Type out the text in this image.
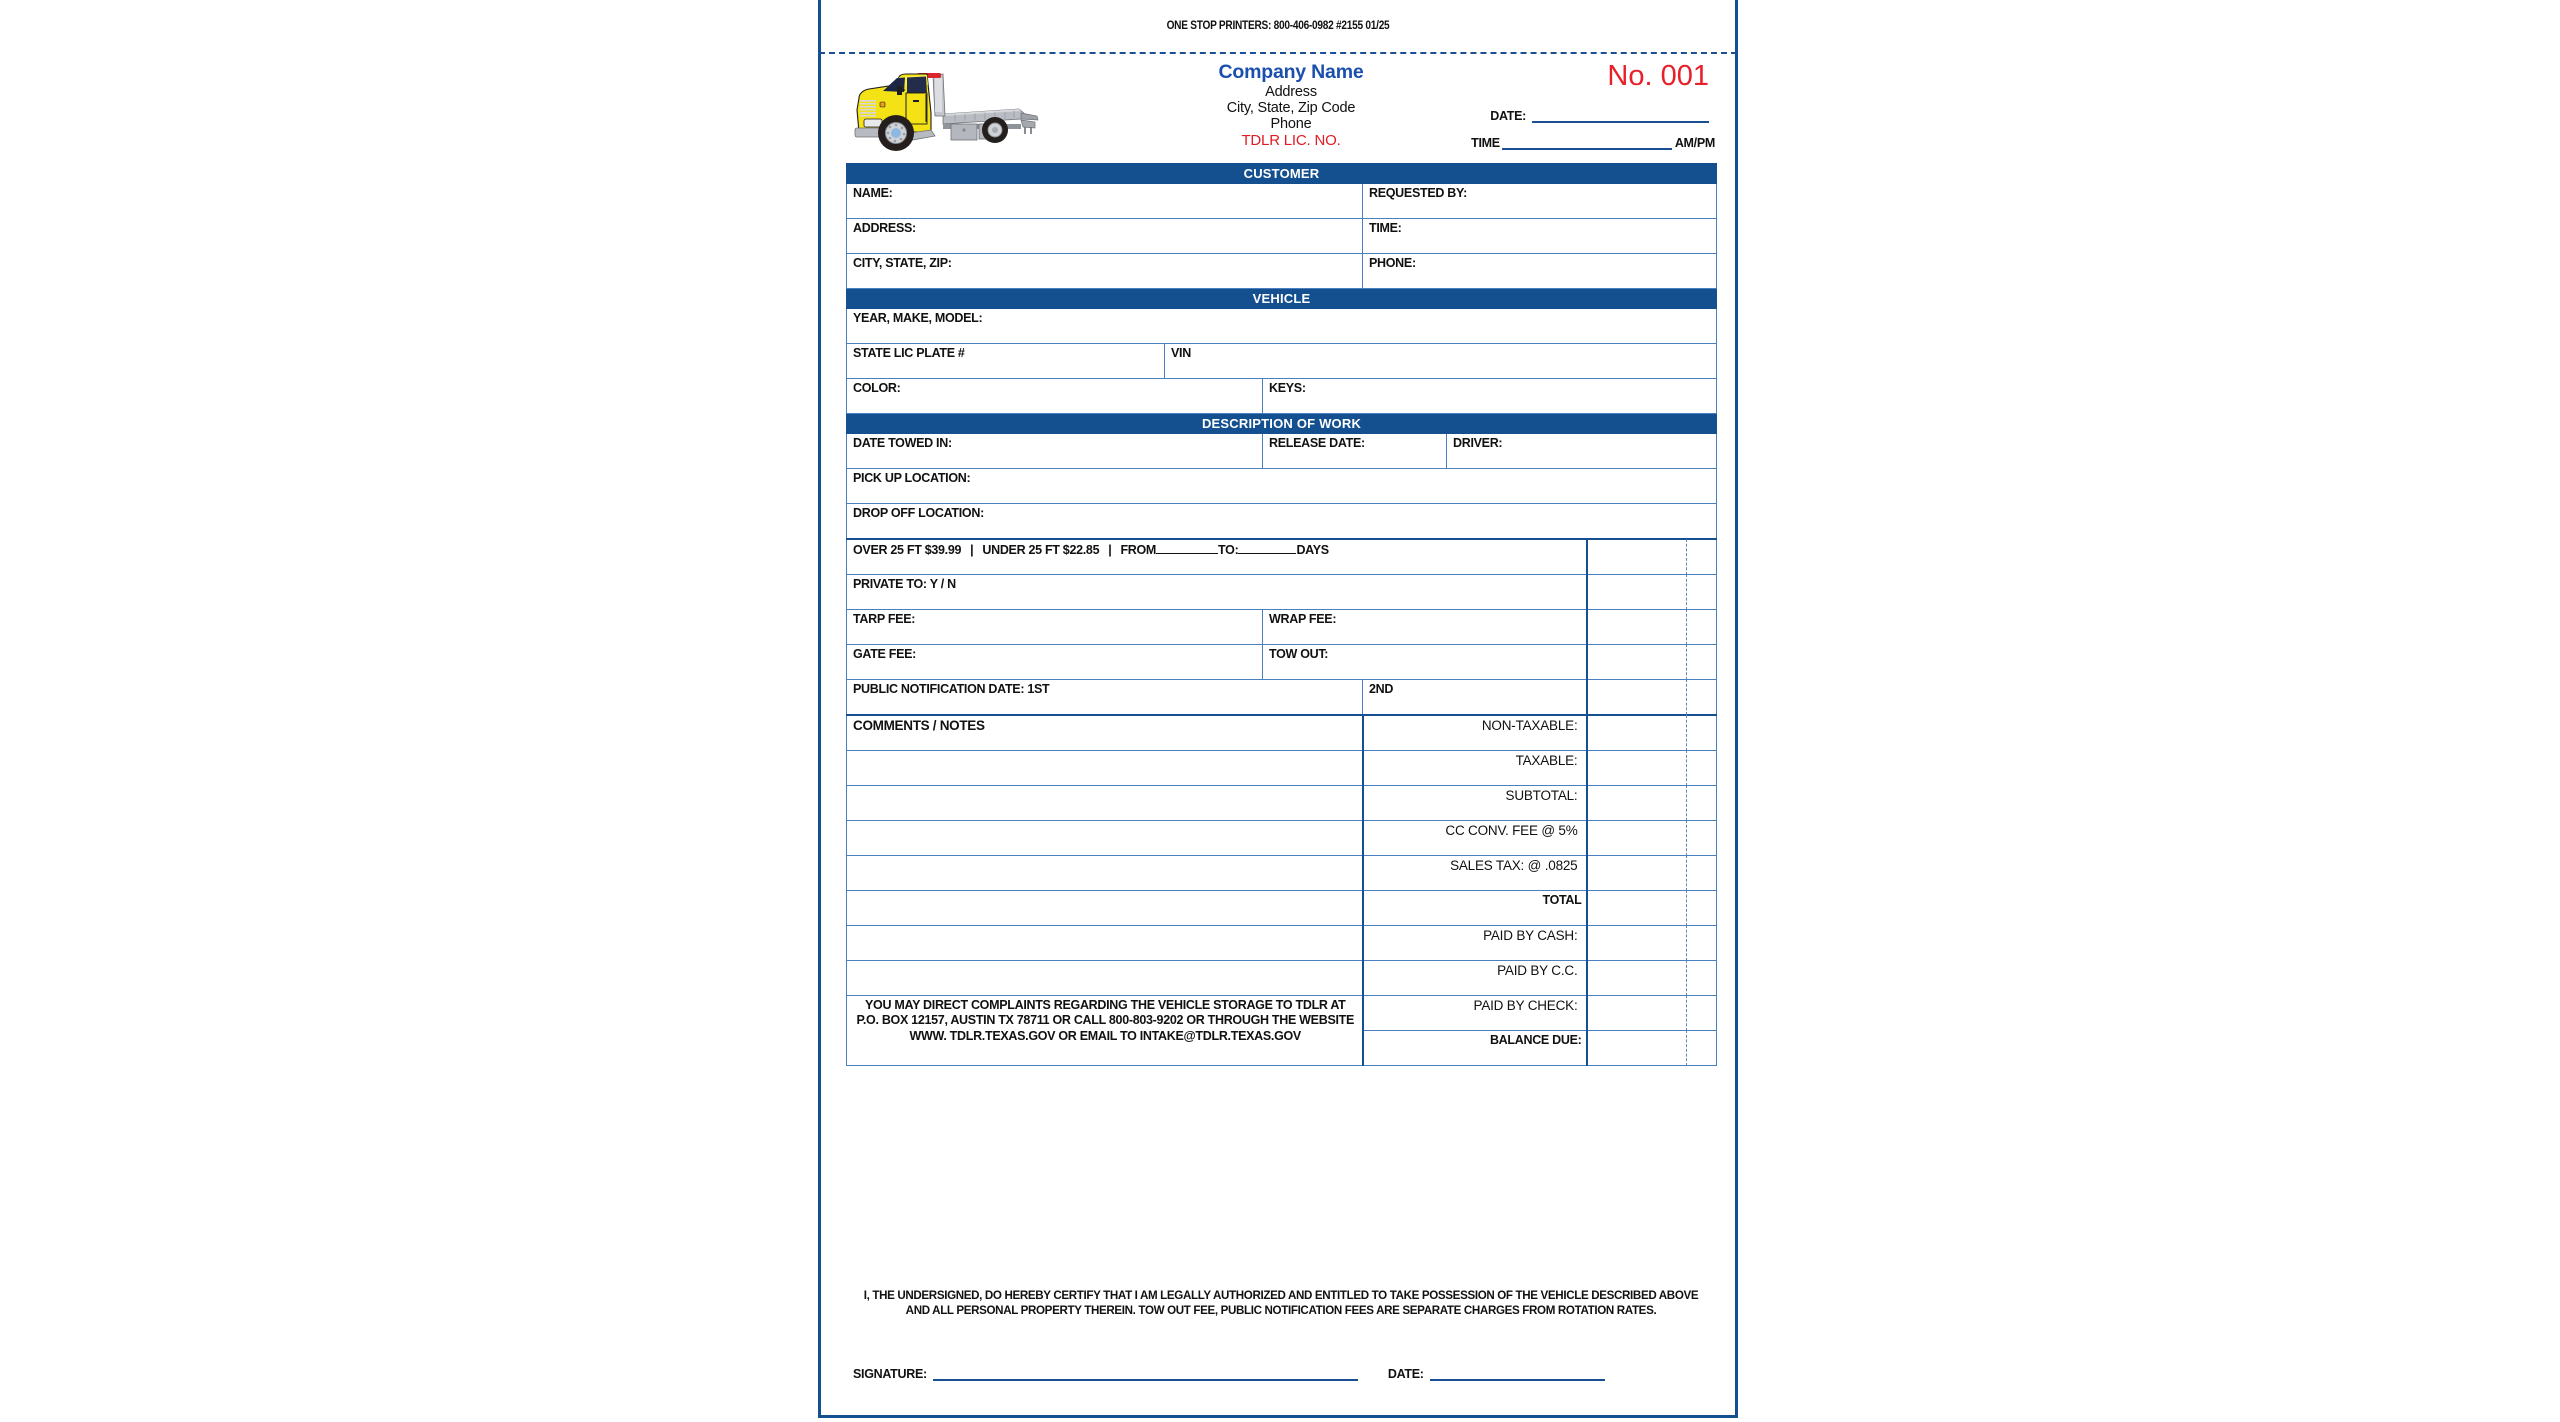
ONE STOP PRINTERS: 800-406-0982 #2155 01/25
Company Name
Address
City, State, Zip Code
Phone
TDLR LIC. NO.
No. 001
DATE:
TIME	AM/PM
CUSTOMER					
NAME:			REQUESTED BY:		
ADDRESS:			TIME:		
CITY, STATE, ZIP:			PHONE:		
VEHICLE					
YEAR, MAKE, MODEL:					
STATE LIC PLATE #	VIN				
COLOR:		KEYS:			
DESCRIPTION OF WORK					
DATE TOWED IN:		RELEASE DATE:		DRIVER:	
PICK UP LOCATION:					
DROP OFF LOCATION:					

OVER 25 FT $39.99 | UNDER 25 FT $22.85 | FROM	TO:	DAYS

PRIVATE TO: Y / N					

TARP FEE:		WRAP FEE:			

GATE FEE:		TOW OUT:			

PUBLIC NOTIFICATION DATE: 1ST			2ND		

COMMENTS / NOTES			NON-TAXABLE:		

			TAXABLE:		

			SUBTOTAL:		

			CC CONV. FEE @ 5%		

			SALES TAX: @ .0825		

			TOTAL		

			PAID BY CASH:		

			PAID BY C.C.		

YOU MAY DIRECT COMPLAINTS REGARDING THE VEHICLE STORAGE TO TDLR AT P.O. BOX 12157, AUSTIN TX 78711 OR CALL 800-803-9202 OR THROUGH THE WEBSITE WWW. TDLR.TEXAS.GOV OR EMAIL TO INTAKE@TDLR.TEXAS.GOV			PAID BY CHECK:		

			BALANCE DUE:		
I, THE UNDERSIGNED, DO HEREBY CERTIFY THAT I AM LEGALLY AUTHORIZED AND ENTITLED TO TAKE POSSESSION OF THE VEHICLE DESCRIBED ABOVE AND ALL PERSONAL PROPERTY THEREIN. TOW OUT FEE, PUBLIC NOTIFICATION FEES ARE SEPARATE CHARGES FROM ROTATION RATES.
SIGNATURE:	DATE:
